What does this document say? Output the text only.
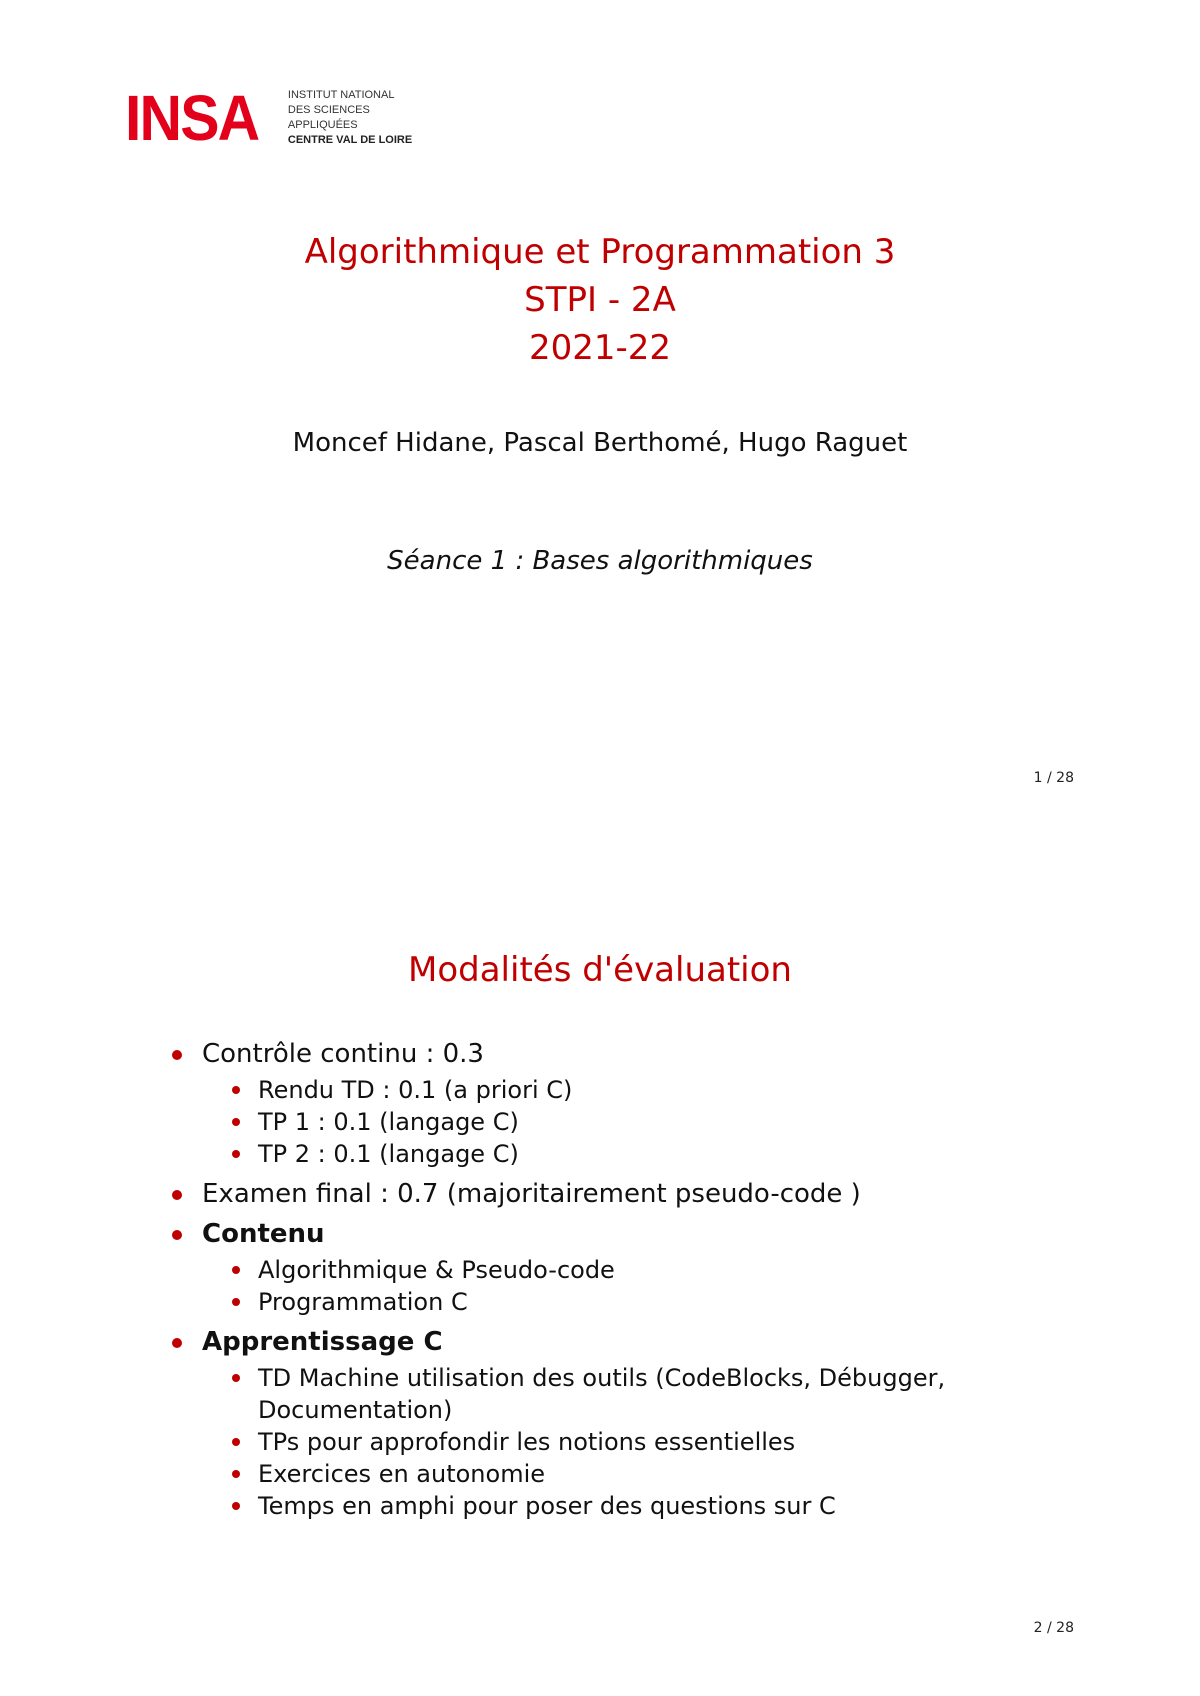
INSA	INSTITUT NATIONAL
DES SCIENCES
APPLIQUÉES
CENTRE VAL DE LOIRE
Algorithmique et Programmation 3
STPI - 2A
2021-22
Moncef Hidane, Pascal Berthomé, Hugo Raguet
Séance 1 : Bases algorithmiques
1 / 28
Modalités d'évaluation
Contrôle continu : 0.3
Rendu TD : 0.1 (a priori C)
TP 1 : 0.1 (langage C)
TP 2 : 0.1 (langage C)
Examen final : 0.7 (majoritairement pseudo-code )
Contenu
Algorithmique & Pseudo-code
Programmation C
Apprentissage C
TD Machine utilisation des outils (CodeBlocks, Débugger, Documentation)
TPs pour approfondir les notions essentielles
Exercices en autonomie
Temps en amphi pour poser des questions sur C
2 / 28
